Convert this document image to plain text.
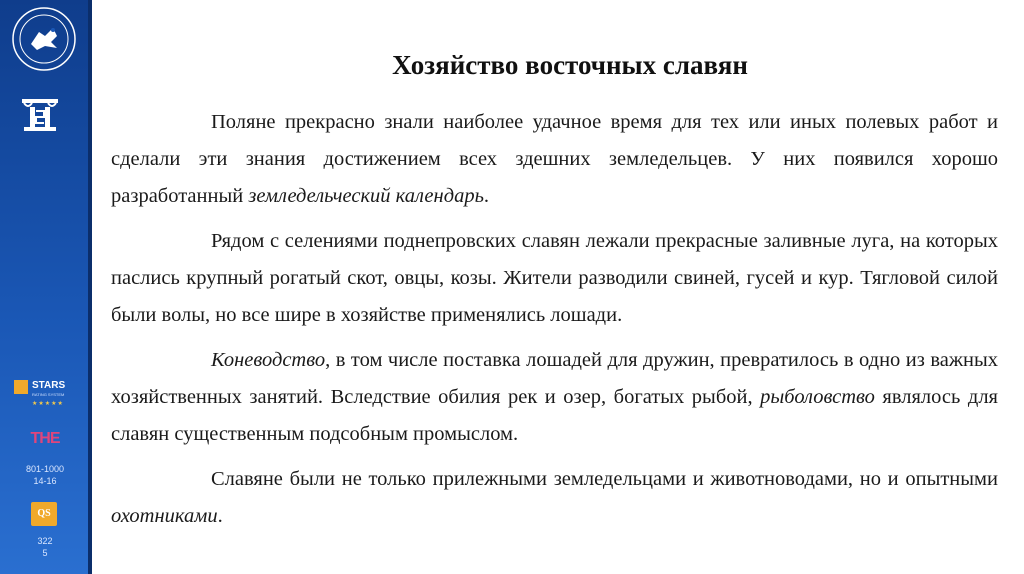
STARS
RATING SYSTEM
★★★★★
THE
801-1000
14-16
QS
322
5
Хозяйство восточных славян

Поляне прекрасно знали наиболее удачное время для тех или иных полевых работ и сделали эти знания достижением всех здешних земледельцев. У них появился хорошо разработанный земледельческий календарь.

Рядом с селениями поднепровских славян лежали прекрасные заливные луга, на которых паслись крупный рогатый скот, овцы, козы. Жители разводили свиней, гусей и кур. Тягловой силой были волы, но все шире в хозяйстве применялись лошади.

Коневодство, в том числе поставка лошадей для дружин, превратилось в одно из важных хозяйственных занятий. Вследствие обилия рек и озер, богатых рыбой, рыболовство являлось для славян существенным подсобным промыслом.

Славяне были не только прилежными земледельцами и животноводами, но и опытными охотниками.
